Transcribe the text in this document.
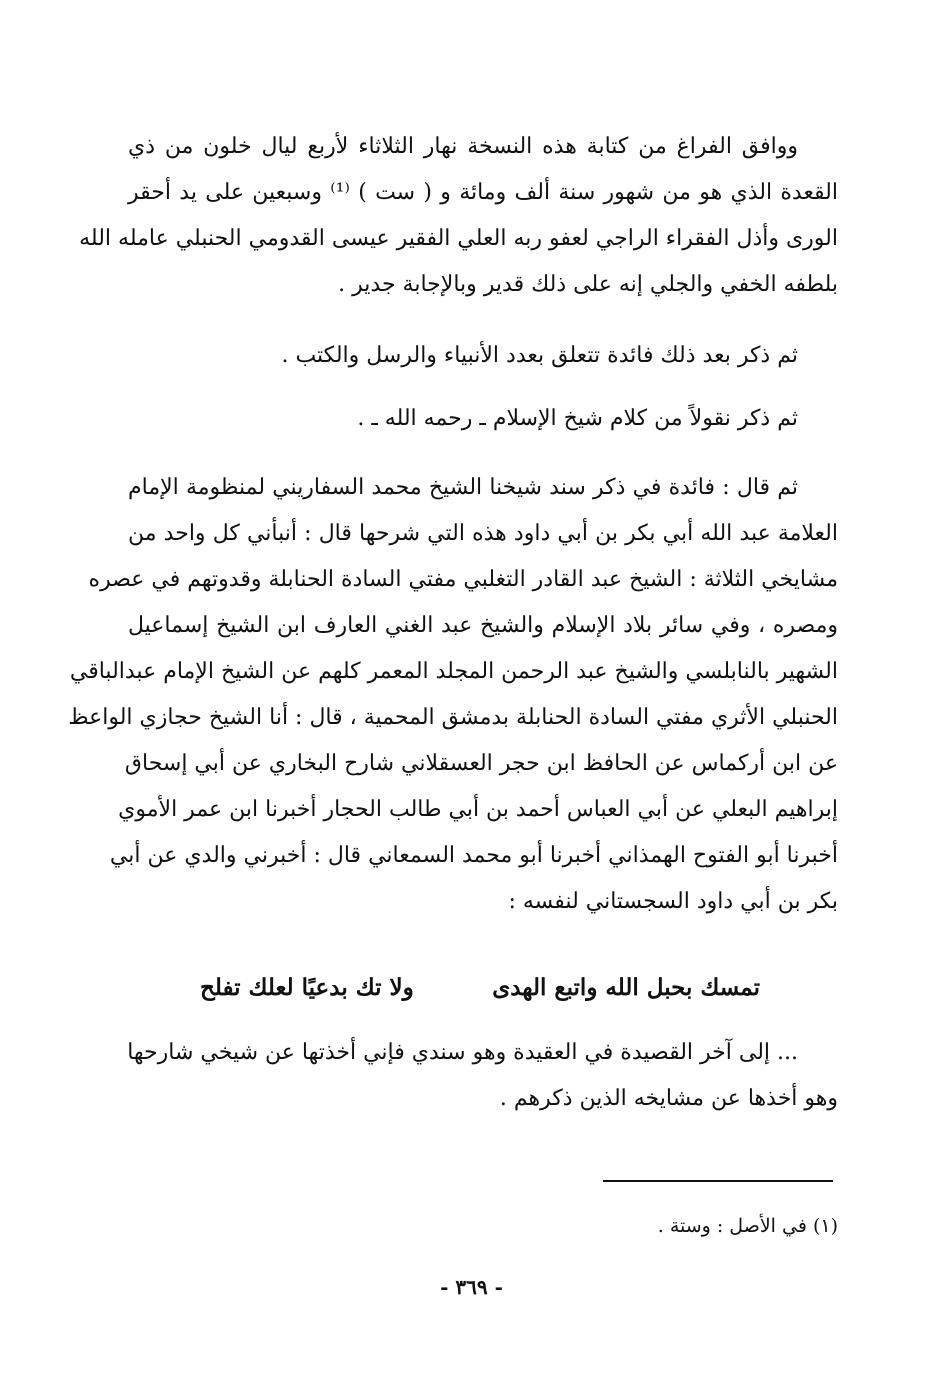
ووافق الفراغ من كتابة هذه النسخة نهار الثلاثاء لأربع ليال خلون من ذي
القعدة الذي هو من شهور سنة ألف ومائة و ( ست ) ⁽¹⁾ وسبعين على يد أحقر
الورى وأذل الفقراء الراجي لعفو ربه العلي الفقير عيسى القدومي الحنبلي عامله الله
بلطفه الخفي والجلي إنه على ذلك قدير وبالإجابة جدير .
ثم ذكر بعد ذلك فائدة تتعلق بعدد الأنبياء والرسل والكتب .
ثم ذكر نقولاً من كلام شيخ الإسلام ـ رحمه الله ـ .
ثم قال : فائدة في ذكر سند شيخنا الشيخ محمد السفاريني لمنظومة الإمام
العلامة عبد الله أبي بكر بن أبي داود هذه التي شرحها قال : أنبأني كل واحد من
مشايخي الثلاثة : الشيخ عبد القادر التغلبي مفتي السادة الحنابلة وقدوتهم في عصره
ومصره ، وفي سائر بلاد الإسلام والشيخ عبد الغني العارف ابن الشيخ إسماعيل
الشهير بالنابلسي والشيخ عبد الرحمن المجلد المعمر كلهم عن الشيخ الإمام عبدالباقي
الحنبلي الأثري مفتي السادة الحنابلة بدمشق المحمية ، قال : أنا الشيخ حجازي الواعظ
عن ابن أركماس عن الحافظ ابن حجر العسقلاني شارح البخاري عن أبي إسحاق
إبراهيم البعلي عن أبي العباس أحمد بن أبي طالب الحجار أخبرنا ابن عمر الأموي
أخبرنا أبو الفتوح الهمذاني أخبرنا أبو محمد السمعاني قال : أخبرني والدي عن أبي
بكر بن أبي داود السجستاني لنفسه :
تمسك بحبل الله واتبع الهدى
ولا تك بدعيًا لعلك تفلح
... إلى آخر القصيدة في العقيدة وهو سندي فإني أخذتها عن شيخي شارحها
وهو أخذها عن مشايخه الذين ذكرهم .
(١) في الأصل : وستة .
- ٣٦٩ -
